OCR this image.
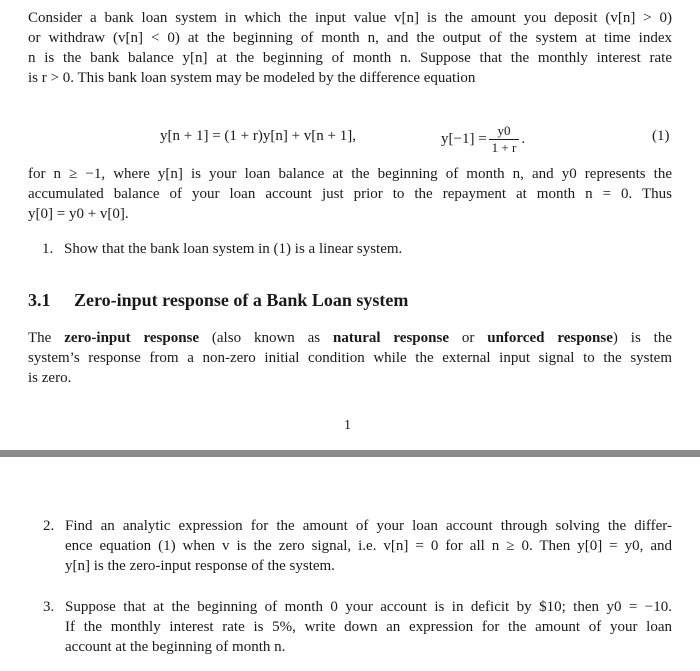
Consider a bank loan system in which the input value v[n] is the amount you deposit (v[n] > 0)
or withdraw (v[n] < 0) at the beginning of month n, and the output of the system at time index
n is the bank balance y[n] at the beginning of month n. Suppose that the monthly interest rate
is r > 0. This bank loan system may be modeled by the difference equation
y[n + 1] = (1 + r)y[n] + v[n + 1],	$y[-1] = \frac{y0}{1 + r}$ .	(1)
for n ≥ −1, where y[n] is your loan balance at the beginning of month n, and y0 represents the
accumulated balance of your loan account just prior to the repayment at month n = 0. Thus
y[0] = y0 + v[0].
1. Show that the bank loan system in (1) is a linear system.
3.1 Zero-input response of a Bank Loan system
The zero-input response (also known as natural response or unforced response) is the
system’s response from a non-zero initial condition while the external input signal to the system
is zero.
1
2. Find an analytic expression for the amount of your loan account through solving the differ-
ence equation (1) when v is the zero signal, i.e. v[n] = 0 for all n ≥ 0. Then y[0] = y0, and
y[n] is the zero-input response of the system.
3. Suppose that at the beginning of month 0 your account is in deficit by $10; then y0 = −10.
If the monthly interest rate is 5%, write down an expression for the amount of your loan
account at the beginning of month n.
